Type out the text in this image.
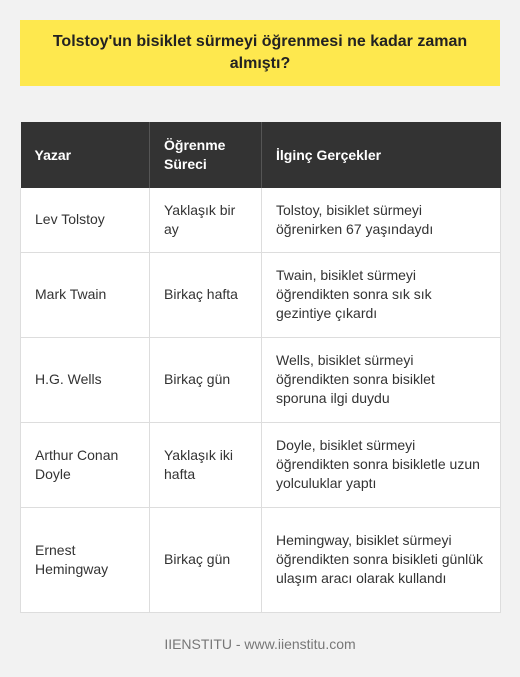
Tolstoy'un bisiklet sürmeyi öğrenmesi ne kadar zaman almıştı?
Yazar	Öğrenme Süreci	İlginç Gerçekler
Lev Tolstoy	Yaklaşık bir ay	Tolstoy, bisiklet sürmeyi öğrenirken 67 yaşındaydı
Mark Twain	Birkaç hafta	Twain, bisiklet sürmeyi öğrendikten sonra sık sık gezintiye çıkardı
H.G. Wells	Birkaç gün	Wells, bisiklet sürmeyi öğrendikten sonra bisiklet sporuna ilgi duydu
Arthur Conan Doyle	Yaklaşık iki hafta	Doyle, bisiklet sürmeyi öğrendikten sonra bisikletle uzun yolculuklar yaptı
Ernest Hemingway	Birkaç gün	Hemingway, bisiklet sürmeyi öğrendikten sonra bisikleti günlük ulaşım aracı olarak kullandı
IIENSTITU - www.iienstitu.com
